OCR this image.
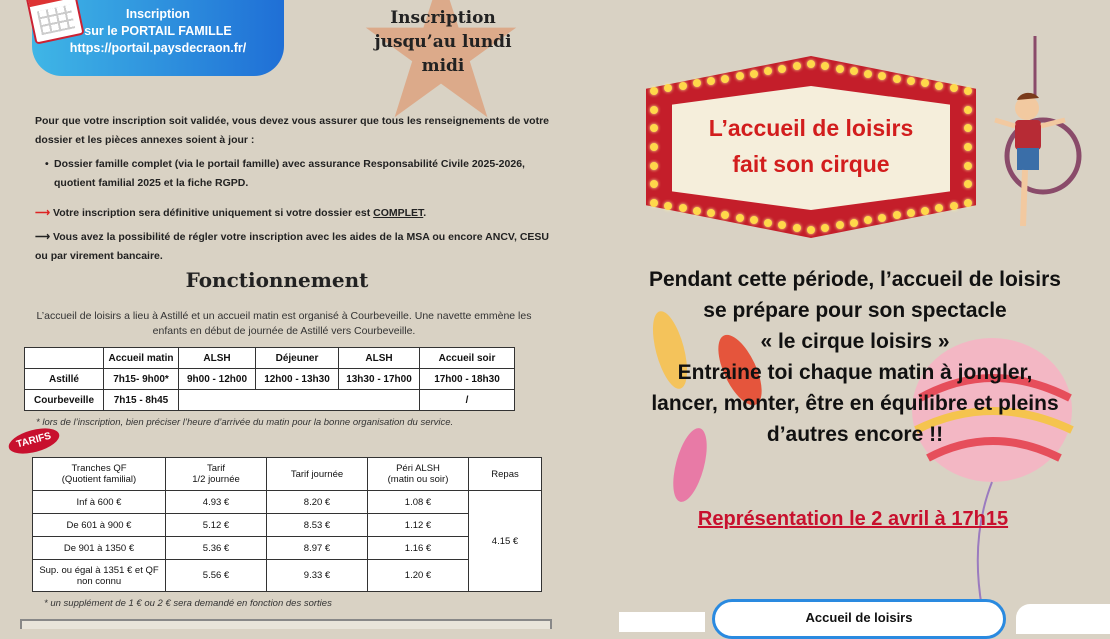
Inscription
sur le PORTAIL FAMILLE
https://portail.paysdecraon.fr/
Inscription
jusqu’au lundi
midi
Pour que votre inscription soit validée, vous devez vous assurer que tous les renseignements de votre dossier et les pièces annexes soient à jour :
• Dossier famille complet (via le portail famille) avec assurance Responsabilité Civile 2025-2026, quotient familial 2025 et la fiche RGPD.
⟶ Votre inscription sera définitive uniquement si votre dossier est COMPLET.
⟶ Vous avez la possibilité de régler votre inscription avec les aides de la MSA ou encore ANCV, CESU ou par virement bancaire.
Fonctionnement
L’accueil de loisirs a lieu à Astillé et un accueil matin est organisé à Courbeveille. Une navette emmène les enfants en début de journée de Astillé vers Courbeveille.
	Accueil matin	ALSH	Déjeuner	ALSH	Accueil soir
Astillé	7h15- 9h00*	9h00 - 12h00	12h00 - 13h30	13h30 - 17h00	17h00 - 18h30
Courbeveille	7h15 - 8h45				/
* lors de l’inscription, bien préciser l’heure d’arrivée du matin pour la bonne organisation du service.
TARIFS
Tranches QF
(Quotient familial)	Tarif
1/2 journée	Tarif journée	Péri ALSH
(matin ou soir)	Repas
Inf à 600 €	4.93 €	8.20 €	1.08 €	4.15 €
De 601 à 900 €	5.12 €	8.53 €	1.12 €	
De 901 à 1350 €	5.36 €	8.97 €	1.16 €	
Sup. ou égal à 1351 € et QF non connu	5.56 €	9.33 €	1.20 €	
* un supplément de 1 € ou 2 € sera demandé en fonction des sorties
L’accueil de loisirs
fait son cirque
Pendant cette période, l’accueil de loisirs
se prépare pour son spectacle
« le cirque loisirs »
Entraine toi chaque matin à jongler,
lancer, monter, être en équilibre et pleins
d’autres encore !!
Représentation le 2 avril à 17h15
Accueil de loisirs
